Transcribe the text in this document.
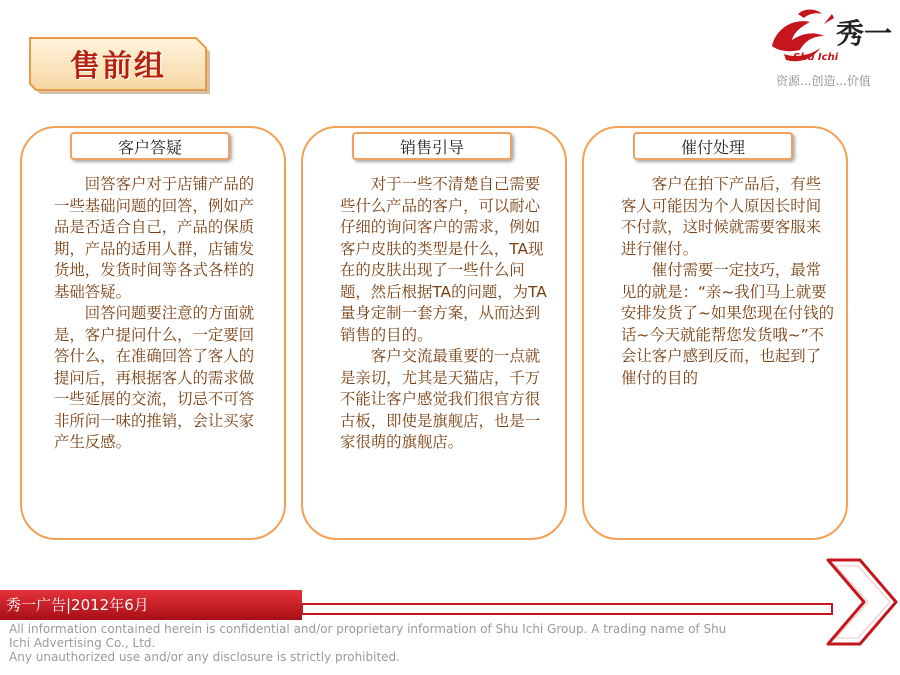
售前组
秀一
Shu Ichi
资源...创造...价值
客户答疑

回答客户对于店铺产品的一些基础问题的回答，例如产品是否适合自己，产品的保质期，产品的适用人群，店铺发货地，发货时间等各式各样的基础答疑。

回答问题要注意的方面就是，客户提问什么，一定要回答什么，在准确回答了客人的提问后，再根据客人的需求做一些延展的交流，切忌不可答非所问一味的推销，会让买家产生反感。

销售引导

对于一些不清楚自己需要些什么产品的客户，可以耐心仔细的询问客户的需求，例如客户皮肤的类型是什么，TA现在的皮肤出现了一些什么问题，然后根据TA的问题，为TA量身定制一套方案，从而达到销售的目的。

客户交流最重要的一点就是亲切，尤其是天猫店，千万不能让客户感觉我们很官方很古板，即使是旗舰店，也是一家很萌的旗舰店。

催付处理

客户在拍下产品后，有些客人可能因为个人原因长时间不付款，这时候就需要客服来进行催付。

催付需要一定技巧，最常见的就是：“亲~我们马上就要安排发货了~如果您现在付钱的话~今天就能帮您发货哦~”不会让客户感到反而，也起到了催付的目的

秀一广告|2012年6月
All information contained herein is confidential and/or proprietary information of Shu Ichi Group. A trading name of Shu
Ichi Advertising Co., Ltd.
Any unauthorized use and/or any disclosure is strictly prohibited.
